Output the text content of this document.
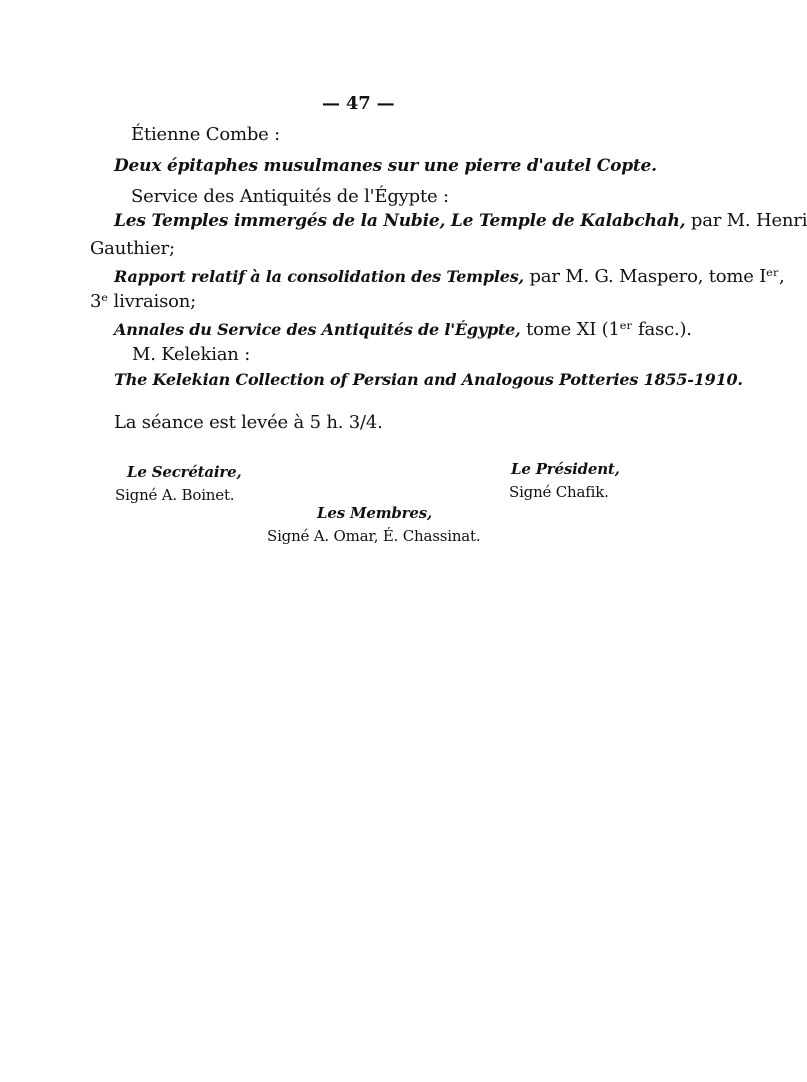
— 47 —
Étienne Combe :
Deux épitaphes musulmanes sur une pierre d'autel Copte.
Service des Antiquités de l'Égypte :
Les Temples immergés de la Nubie, Le Temple de Kalabchah, par M. Henri
Gauthier;
Rapport relatif à la consolidation des Temples, par M. G. Maspero, tome Iᵉʳ,
3ᵉ livraison;
Annales du Service des Antiquités de l'Égypte, tome XI (1ᵉʳ fasc.).
M. Kelekian :
The Kelekian Collection of Persian and Analogous Potteries 1855-1910.
La séance est levée à 5 h. 3/4.
Le Secrétaire,
Signé A. Boinet.
Le Président,
Signé Chafik.
Les Membres,
Signé A. Omar, É. Chassinat.
